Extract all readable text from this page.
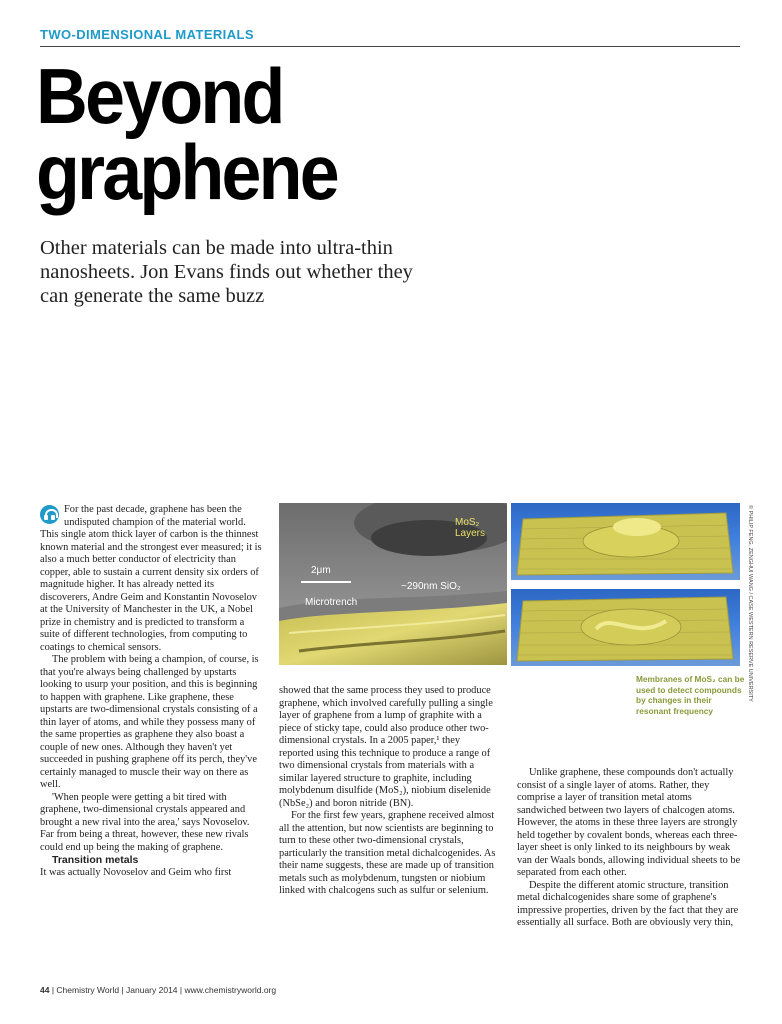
TWO-DIMENSIONAL MATERIALS
Beyond
graphene
Other materials can be made into ultra-thin nanosheets. Jon Evans finds out whether they can generate the same buzz

For the past decade, graphene has been the undisputed champion of the material world. This single atom thick layer of carbon is the thinnest known material and the strongest ever measured; it is also a much better conductor of electricity than copper, able to sustain a current density six orders of magnitude higher. It has already netted its discoverers, Andre Geim and Konstantin Novoselov at the University of Manchester in the UK, a Nobel prize in chemistry and is predicted to transform a suite of different technologies, from computing to coatings to chemical sensors.

The problem with being a champion, of course, is that you're always being challenged by upstarts looking to usurp your position, and this is beginning to happen with graphene. Like graphene, these upstarts are two-dimensional crystals consisting of a thin layer of atoms, and while they possess many of the same properties as graphene they also boast a couple of new ones. Although they haven't yet succeeded in pushing graphene off its perch, they've certainly managed to muscle their way on there as well.

'When people were getting a bit tired with graphene, two-dimensional crystals appeared and brought a new rival into the area,' says Novoselov. Far from being a threat, however, these new rivals could end up being the making of graphene.

Transition metals

It was actually Novoselov and Geim who first

MoS₂ Layers
2μm
~290nm SiO₂
Microtrench	© PHILIP FENG, ZENGHUI WANG / CASE WESTERN RESERVE UNIVERSITY
Membranes of MoS₂ can be used to detect compounds by changes in their resonant frequency

showed that the same process they used to produce graphene, which involved carefully pulling a single layer of graphene from a lump of graphite with a piece of sticky tape, could also produce other two-dimensional crystals. In a 2005 paper,¹ they reported using this technique to produce a range of two dimensional crystals from materials with a similar layered structure to graphite, including molybdenum disulfide (MoS₂), niobium diselenide (NbSe₂) and boron nitride (BN).

For the first few years, graphene received almost all the attention, but now scientists are beginning to turn to these other two-dimensional crystals, particularly the transition metal dichalcogenides. As their name suggests, these are made up of transition metals such as molybdenum, tungsten or niobium linked with chalcogens such as sulfur or selenium.

Unlike graphene, these compounds don't actually consist of a single layer of atoms. Rather, they comprise a layer of transition metal atoms sandwiched between two layers of chalcogen atoms. However, the atoms in these three layers are strongly held together by covalent bonds, whereas each three-layer sheet is only linked to its neighbours by weak van der Waals bonds, allowing individual sheets to be separated from each other.

Despite the different atomic structure, transition metal dichalcogenides share some of graphene's impressive properties, driven by the fact that they are essentially all surface. Both are obviously very thin,

44 | Chemistry World | January 2014 | www.chemistryworld.org
